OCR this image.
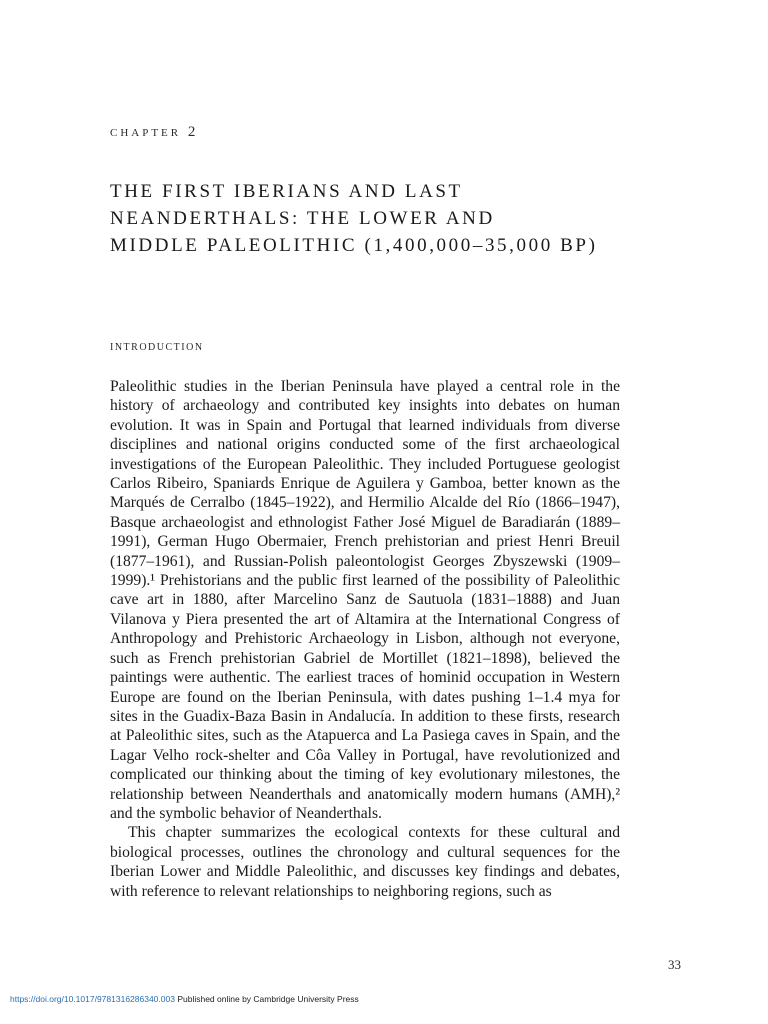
chapter 2
THE FIRST IBERIANS AND LAST
NEANDERTHALS: THE LOWER AND
MIDDLE PALEOLITHIC (1,400,000–35,000 BP)
introduction

Paleolithic studies in the Iberian Peninsula have played a central role in the history of archaeology and contributed key insights into debates on human evolution. It was in Spain and Portugal that learned individuals from diverse disciplines and national origins conducted some of the first archaeological investigations of the European Paleolithic. They included Portuguese geologist Carlos Ribeiro, Spaniards Enrique de Aguilera y Gamboa, better known as the Marqués de Cerralbo (1845–1922), and Hermilio Alcalde del Río (1866–1947), Basque archaeologist and ethnologist Father José Miguel de Baradiarán (1889–1991), German Hugo Obermaier, French prehistorian and priest Henri Breuil (1877–1961), and Russian-Polish paleontologist Georges Zbyszewski (1909–1999).¹ Prehistorians and the public first learned of the possibility of Paleolithic cave art in 1880, after Marcelino Sanz de Sautuola (1831–1888) and Juan Vilanova y Piera presented the art of Altamira at the International Congress of Anthropology and Prehistoric Archaeology in Lisbon, although not everyone, such as French prehistorian Gabriel de Mortillet (1821–1898), believed the paintings were authentic. The earliest traces of hominid occupation in Western Europe are found on the Iberian Peninsula, with dates pushing 1–1.4 mya for sites in the Guadix-Baza Basin in Andalucía. In addition to these firsts, research at Paleolithic sites, such as the Atapuerca and La Pasiega caves in Spain, and the Lagar Velho rock-shelter and Côa Valley in Portugal, have revolutionized and complicated our thinking about the timing of key evolutionary milestones, the relationship between Neanderthals and anatomically modern humans (AMH),² and the symbolic behavior of Neanderthals.

This chapter summarizes the ecological contexts for these cultural and biological processes, outlines the chronology and cultural sequences for the Iberian Lower and Middle Paleolithic, and discusses key findings and debates, with reference to relevant relationships to neighboring regions, such as

33
https://doi.org/10.1017/9781316286340.003 Published online by Cambridge University Press
